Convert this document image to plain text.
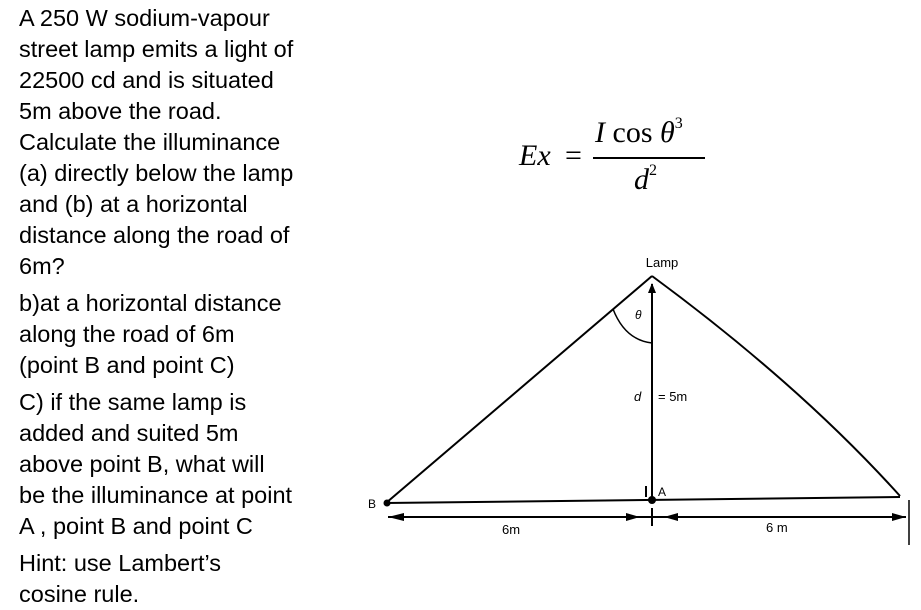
A 250 W sodium-vapour
street lamp emits a light of
22500 cd and is situated
5m above the road.
Calculate the illuminance
(a) directly below the lamp
and (b) at a horizontal
distance along the road of
6m?
b)at a horizontal distance
along the road of 6m
(point B and point C)
C) if the same lamp is
added and suited 5m
above point B, what will
be the illuminance at point
A , point B and point C
Hint: use Lambert’s
cosine rule.
Ex =
I $\cos \theta^3$
$d^2$
Lamp
θ
d = 5m
A
B
6m	6 m
